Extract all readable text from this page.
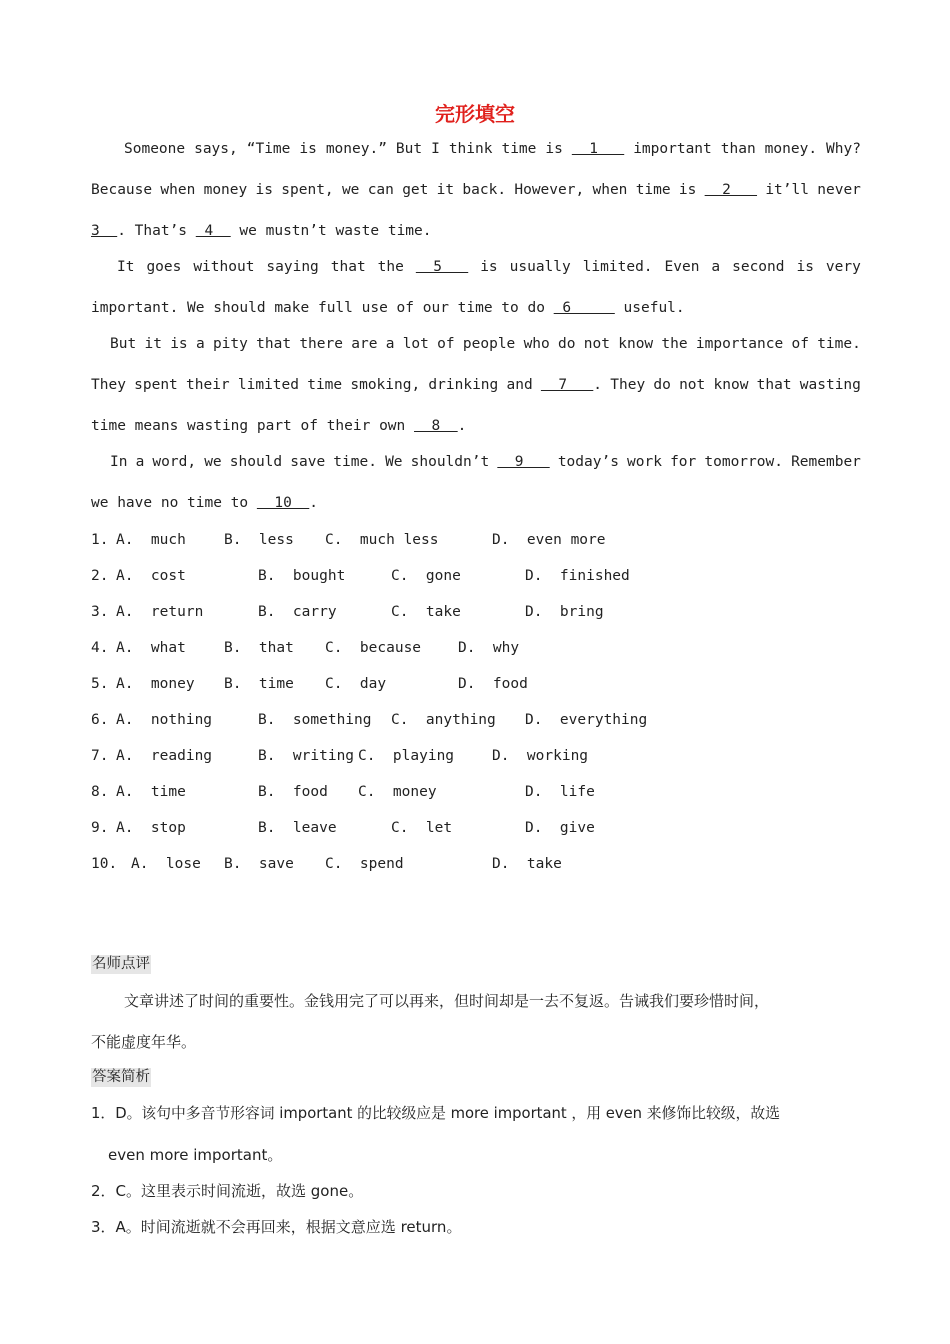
完形填空
Someone says, “Time is money.” But I think time is 1 important than money. Why?
Because when money is spent, we can get it back. However, when time is 2 it’ll never
3  . That’s  4   we mustn’t waste time.
It goes without saying that the 5 is usually limited. Even a second is very
important. We should make full use of our time to do  6      useful.
But it is a pity that there are a lot of people who do not know the importance of time.
They spent their limited time smoking, drinking and 7   . They do not know that wasting
time means wasting part of their own   8  .
In a word, we should save time. We shouldn’t 9 today’s work for tomorrow. Remember
we have no time to   10  .
1. A.  much	B.  less C.  much less	D.  even more
2. A.  cost	B.  bought	C.  gone	D.  finished
3. A.  return	B.  carry	C.  take	D.  bring
4. A.  what	B.  that C.  because	D.  why
5. A.  money B.  time C.  day	D.  food
6. A.  nothing	B.  something C.  anything D.  everything
7. A.  reading	B.  writing C.  playing	D.  working
8. A.  time	B.  food C.  money	D.  life
9. A.  stop	B.  leave	C.  let	D.  give
10. A.  lose B.  save C.  spend	D.  take
名师点评
文章讲述了时间的重要性。金钱用完了可以再来，但时间却是一去不复返。告诫我们要珍惜时间，
不能虚度年华。
答案简析
1．D。该句中多音节形容词 important 的比较级应是 more important ，用 even 来修饰比较级，故选
even more important。
2．C。这里表示时间流逝，故选 gone。
3．A。时间流逝就不会再回来，根据文意应选 return。
